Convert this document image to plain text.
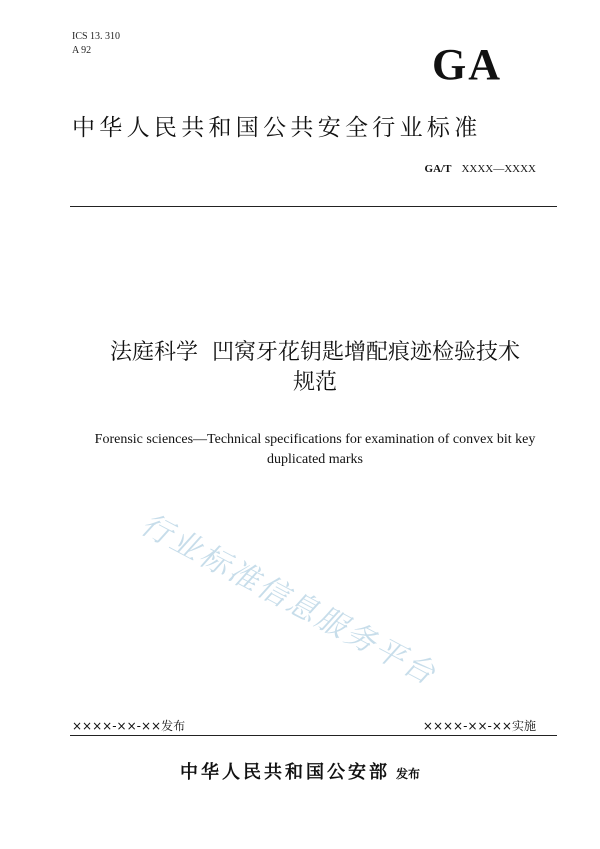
ICS 13. 310
A 92	GA
中华人民共和国公共安全行业标准
GA/T XXXX—XXXX
法庭科学  凹窝牙花钥匙增配痕迹检验技术
规范
Forensic sciences—Technical specifications for examination of convex bit key
duplicated marks
行业标准信息服务平台
××××-××-××发布	××××-××-××实施
中华人民共和国公安部 发布
